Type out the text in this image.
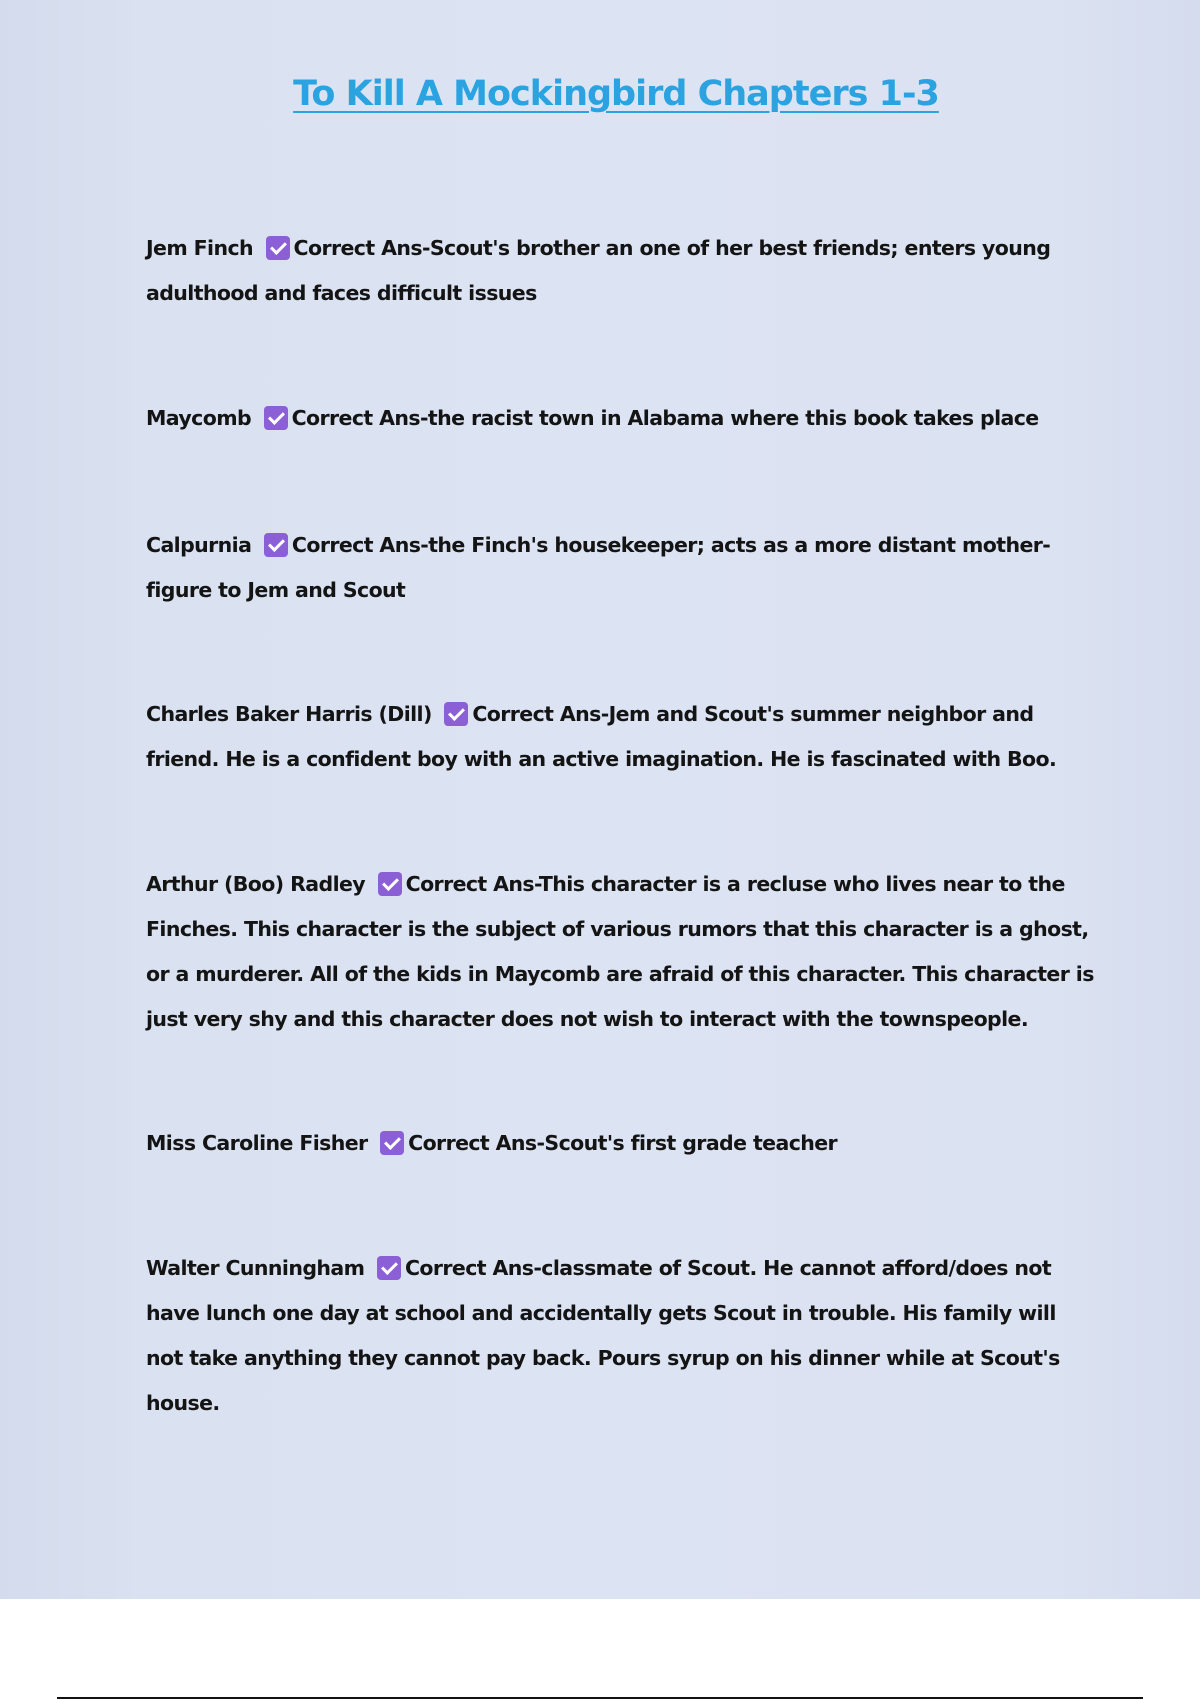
To Kill A Mockingbird Chapters 1-3
Jem Finch Correct Ans-Scout's brother an one of her best friends; enters young adulthood and faces difficult issues
Maycomb Correct Ans-the racist town in Alabama where this book takes place
Calpurnia Correct Ans-the Finch's housekeeper; acts as a more distant mother-figure to Jem and Scout
Charles Baker Harris (Dill) Correct Ans-Jem and Scout's summer neighbor and friend. He is a confident boy with an active imagination. He is fascinated with Boo.
Arthur (Boo) Radley Correct Ans-This character is a recluse who lives near to the Finches. This character is the subject of various rumors that this character is a ghost, or a murderer. All of the kids in Maycomb are afraid of this character. This character is just very shy and this character does not wish to interact with the townspeople.
Miss Caroline Fisher Correct Ans-Scout's first grade teacher
Walter Cunningham Correct Ans-classmate of Scout. He cannot afford/does not have lunch one day at school and accidentally gets Scout in trouble. His family will not take anything they cannot pay back. Pours syrup on his dinner while at Scout's house.
